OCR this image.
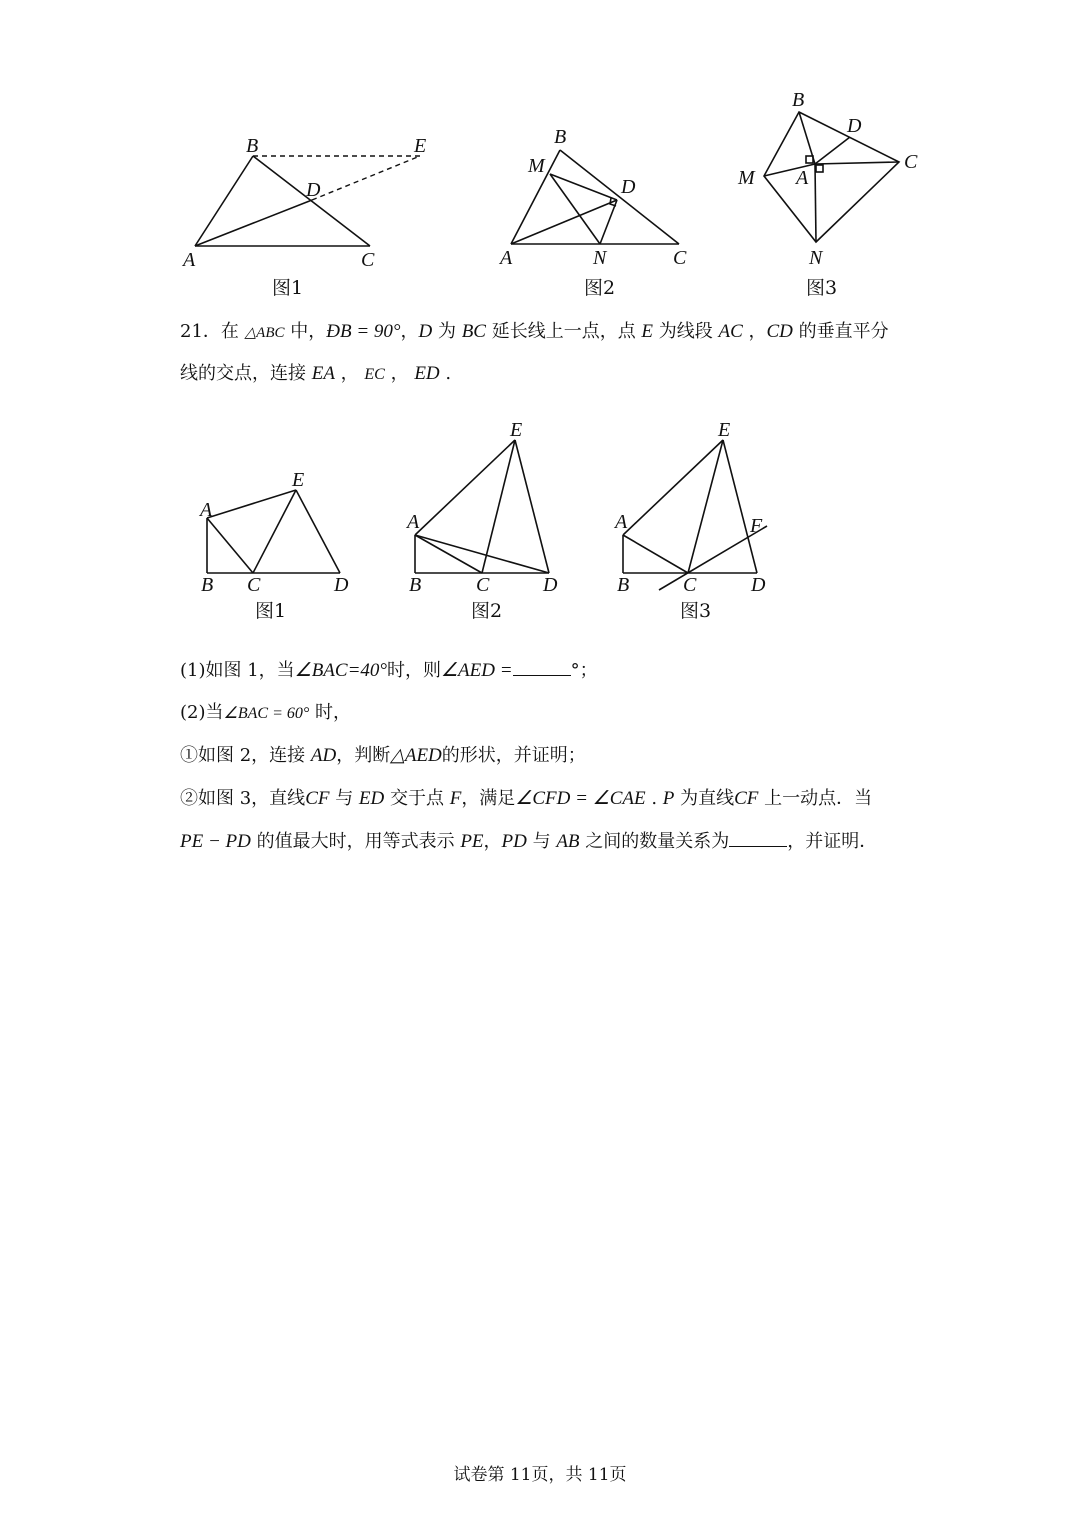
B	E
D
A	C
图1
B
M
D
A	N	C
图2
B
D
C
M A
N
图3
21．在 △ABC 中，ÐB = 90°，D 为 BC 延长线上一点，点 E 为线段 AC ，CD 的垂直平分
线的交点，连接 EA ， EC ， ED .
A
E
B C	D
图1
E
A
B	C	D
图2
E
A	F
B	C	D
图3
(1)如图 1，当∠BAC=40°时，则∠AED =	°；
(2)当∠BAC = 60° 时，
①如图 2，连接 AD，判断△AED的形状，并证明；
②如图 3，直线CF 与 ED 交于点 F，满足∠CFD = ∠CAE . P 为直线CF 上一动点．当
PE − PD 的值最大时，用等式表示 PE，PD 与 AB 之间的数量关系为	，并证明．
试卷第 11页，共 11页
